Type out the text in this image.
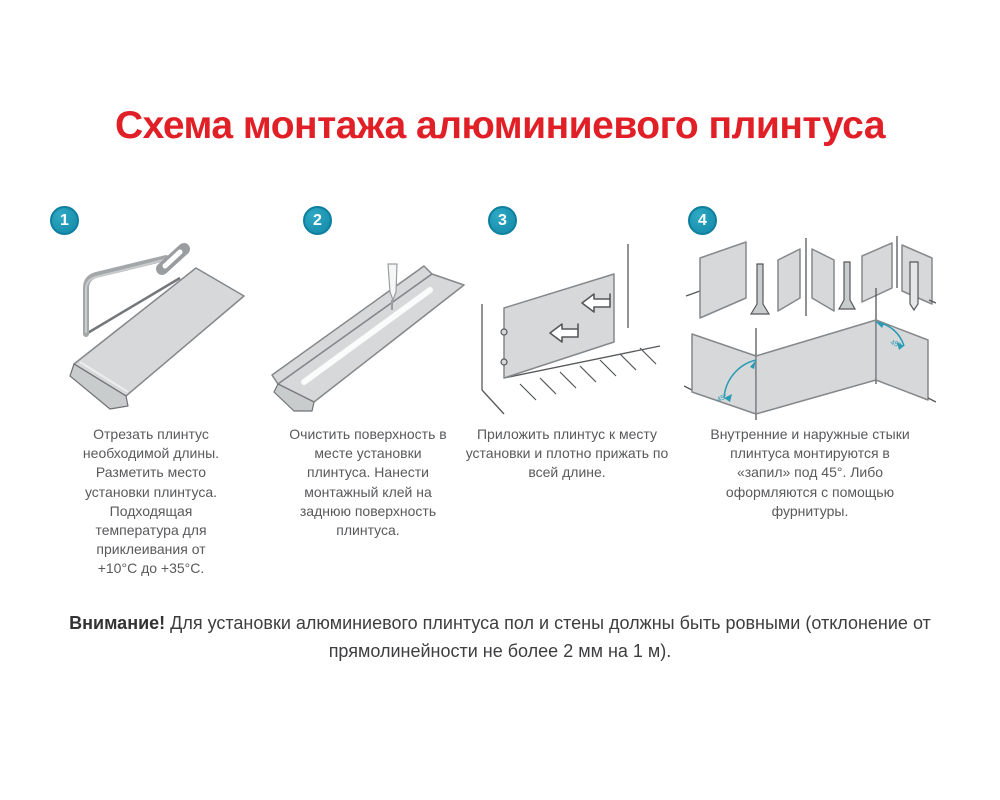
Схема монтажа алюминиевого плинтуса
1

Отрезать плинтус необходимой длины. Разметить место установки плинтуса. Подходящая температура для приклеивания от +10°С до +35°С.

2

Очистить поверхность в месте установки плинтуса. Нанести монтажный клей на заднюю поверхность плинтуса.

3

Приложить плинтус к месту установки и плотно прижать по всей длине.

4
45°
45°

Внутренние и наружные стыки плинтуса монтируются в «запил» под 45°. Либо оформляются с помощью фурнитуры.

Внимание! Для установки алюминиевого плинтуса пол и стены должны быть ровными (отклонение от прямолинейности не более 2 мм на 1 м).
